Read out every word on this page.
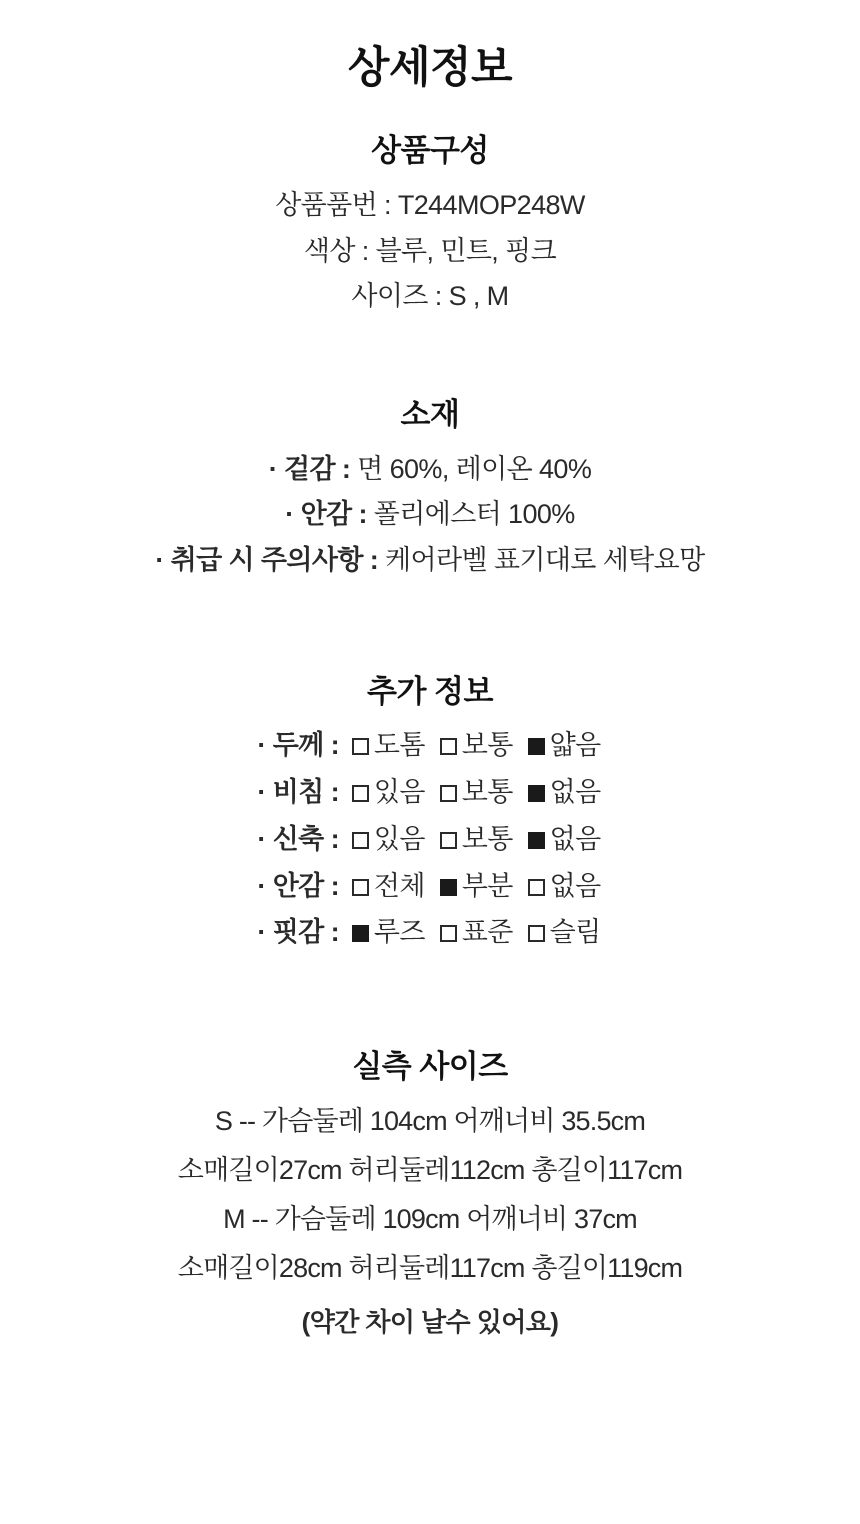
상세정보
상품구성

상품품번 : T244MOP248W

색상 : 블루, 민트, 핑크

사이즈 : S , M

소재

· 겉감 : 면 60%, 레이온 40%

· 안감 : 폴리에스터 100%

· 취급 시 주의사항 : 케어라벨 표기대로 세탁요망

추가 정보

· 두께 : 도톰 보통 얇음

· 비침 : 있음 보통 없음

· 신축 : 있음 보통 없음

· 안감 : 전체 부분 없음

· 핏감 : 루즈 표준 슬림

실측 사이즈

S -- 가슴둘레 104cm 어깨너비 35.5cm

소매길이27cm 허리둘레112cm 총길이117cm

M -- 가슴둘레 109cm 어깨너비 37cm

소매길이28cm 허리둘레117cm 총길이119cm

(약간 차이 날수 있어요)
